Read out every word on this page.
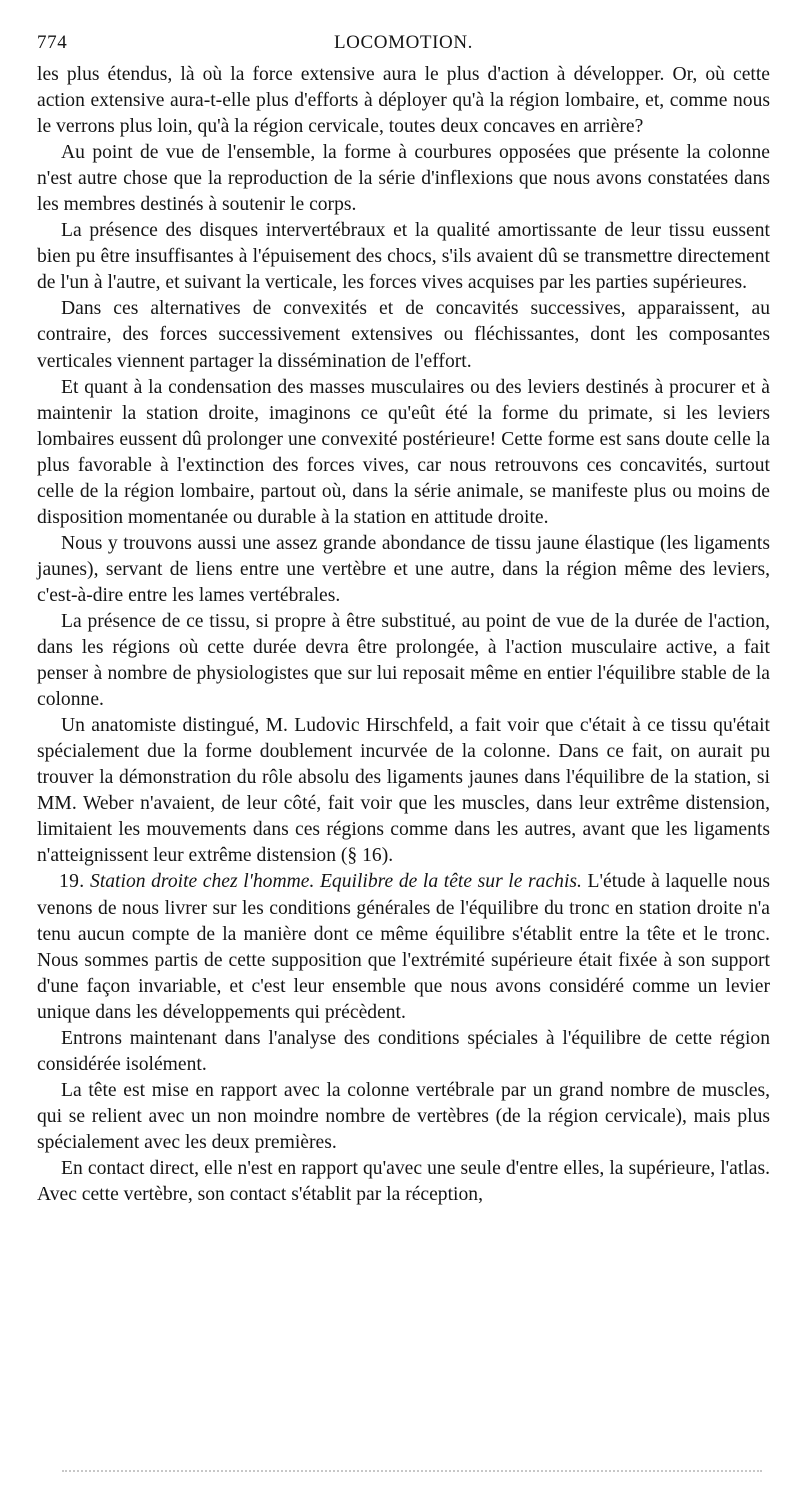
774	LOCOMOTION.

les plus étendus, là où la force extensive aura le plus d'action à développer. Or, où cette action extensive aura-t-elle plus d'efforts à déployer qu'à la région lombaire, et, comme nous le verrons plus loin, qu'à la région cervicale, toutes deux concaves en arrière?

Au point de vue de l'ensemble, la forme à courbures opposées que présente la colonne n'est autre chose que la reproduction de la série d'inflexions que nous avons constatées dans les membres destinés à soutenir le corps.

La présence des disques intervertébraux et la qualité amortissante de leur tissu eussent bien pu être insuffisantes à l'épuisement des chocs, s'ils avaient dû se transmettre directement de l'un à l'autre, et suivant la verticale, les forces vives acquises par les parties supérieures.

Dans ces alternatives de convexités et de concavités successives, apparaissent, au contraire, des forces successivement extensives ou fléchissantes, dont les composantes verticales viennent partager la dissémination de l'effort.

Et quant à la condensation des masses musculaires ou des leviers destinés à procurer et à maintenir la station droite, imaginons ce qu'eût été la forme du primate, si les leviers lombaires eussent dû prolonger une convexité postérieure! Cette forme est sans doute celle la plus favorable à l'extinction des forces vives, car nous retrouvons ces concavités, surtout celle de la région lombaire, partout où, dans la série animale, se manifeste plus ou moins de disposition momentanée ou durable à la station en attitude droite.

Nous y trouvons aussi une assez grande abondance de tissu jaune élastique (les ligaments jaunes), servant de liens entre une vertèbre et une autre, dans la région même des leviers, c'est-à-dire entre les lames vertébrales.

La présence de ce tissu, si propre à être substitué, au point de vue de la durée de l'action, dans les régions où cette durée devra être prolongée, à l'action musculaire active, a fait penser à nombre de physiologistes que sur lui reposait même en entier l'équilibre stable de la colonne.

Un anatomiste distingué, M. Ludovic Hirschfeld, a fait voir que c'était à ce tissu qu'était spécialement due la forme doublement incurvée de la colonne. Dans ce fait, on aurait pu trouver la démonstration du rôle absolu des ligaments jaunes dans l'équilibre de la station, si MM. Weber n'avaient, de leur côté, fait voir que les muscles, dans leur extrême distension, limitaient les mouvements dans ces régions comme dans les autres, avant que les ligaments n'atteignissent leur extrême distension (§ 16).

19. Station droite chez l'homme. Equilibre de la tête sur le rachis. L'étude à laquelle nous venons de nous livrer sur les conditions générales de l'équilibre du tronc en station droite n'a tenu aucun compte de la manière dont ce même équilibre s'établit entre la tête et le tronc. Nous sommes partis de cette supposition que l'extrémité supérieure était fixée à son support d'une façon invariable, et c'est leur ensemble que nous avons considéré comme un levier unique dans les développements qui précèdent.

Entrons maintenant dans l'analyse des conditions spéciales à l'équilibre de cette région considérée isolément.

La tête est mise en rapport avec la colonne vertébrale par un grand nombre de muscles, qui se relient avec un non moindre nombre de vertèbres (de la région cervicale), mais plus spécialement avec les deux premières.

En contact direct, elle n'est en rapport qu'avec une seule d'entre elles, la supérieure, l'atlas. Avec cette vertèbre, son contact s'établit par la réception,
